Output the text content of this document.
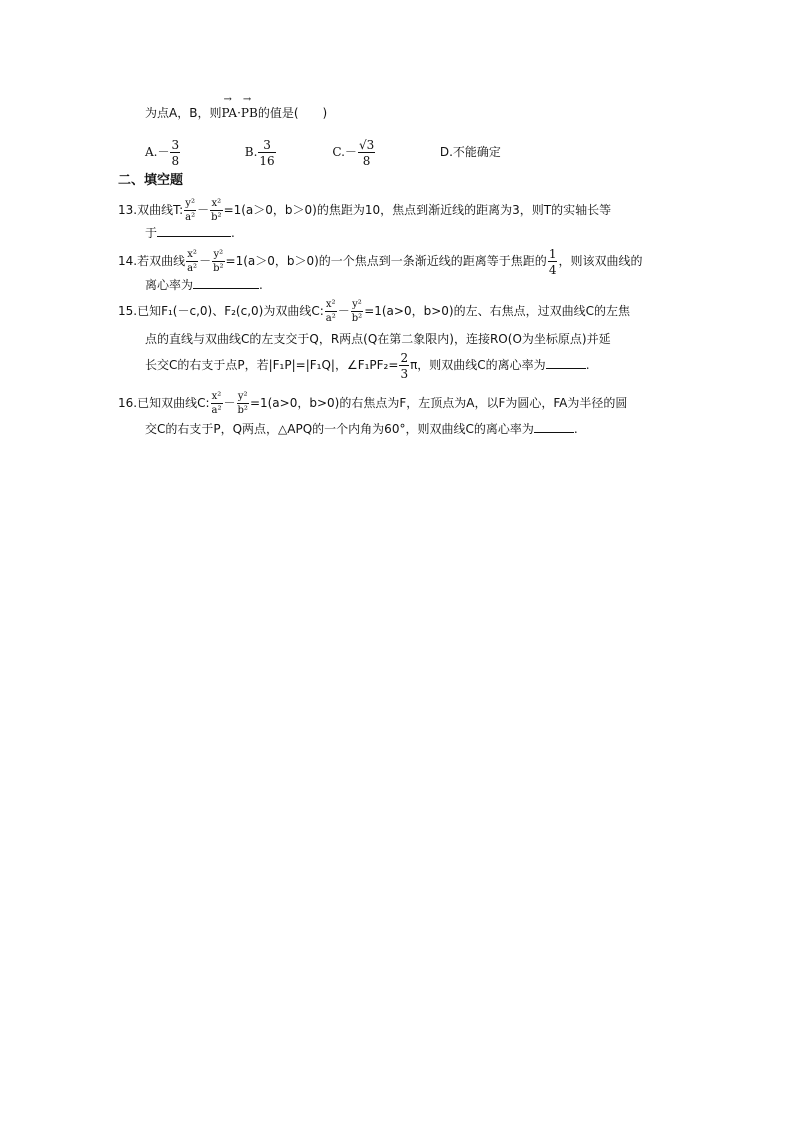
为点A，B，则→ PA·→ PB的值是(　　)
$A.- \frac{3}{8}$	B. $\frac{3}{16}$	$C.- \frac{√3}{8}$	D.不能确定
二、填空题
13.双曲线T: $\frac{\text{y²}}{\text{a²}} - \frac{\text{x²}}{\text{b²}} =1(a>0$，b＞0)的焦距为10，焦点到渐近线的距离为3，则T的实轴长等
于	.
14.若双曲线 $\frac{\text{x²}}{\text{a²}} - \frac{\text{y²}}{\text{b²}} =1(a>0$，b＞0)的一个焦点到一条渐近线的距离等于焦距的 $\frac{1}{4}$ ，则该双曲线的
离心率为	.
15.已知F₁(－c,0)、F₂(c,0)为双曲线C: $\frac{\text{x²}}{\text{a²}} - \frac{\text{y²}}{\text{b²}} =1(a>0$，b>0)的左、右焦点，过双曲线C的左焦
点的直线与双曲线C的左支交于Q，R两点(Q在第二象限内)，连接RO(O为坐标原点)并延
长交C的右支于点P，若|F₁P|=|F₁Q|，∠F₁PF₂= $\frac{2}{3}$ π，则双曲线C的离心率为	.
16.已知双曲线C: $\frac{\text{x²}}{\text{a²}} - \frac{\text{y²}}{\text{b²}} =1(a>0$，b>0)的右焦点为F，左顶点为A，以F为圆心，FA为半径的圆
交C的右支于P，Q两点，△APQ的一个内角为60°，则双曲线C的离心率为	.
